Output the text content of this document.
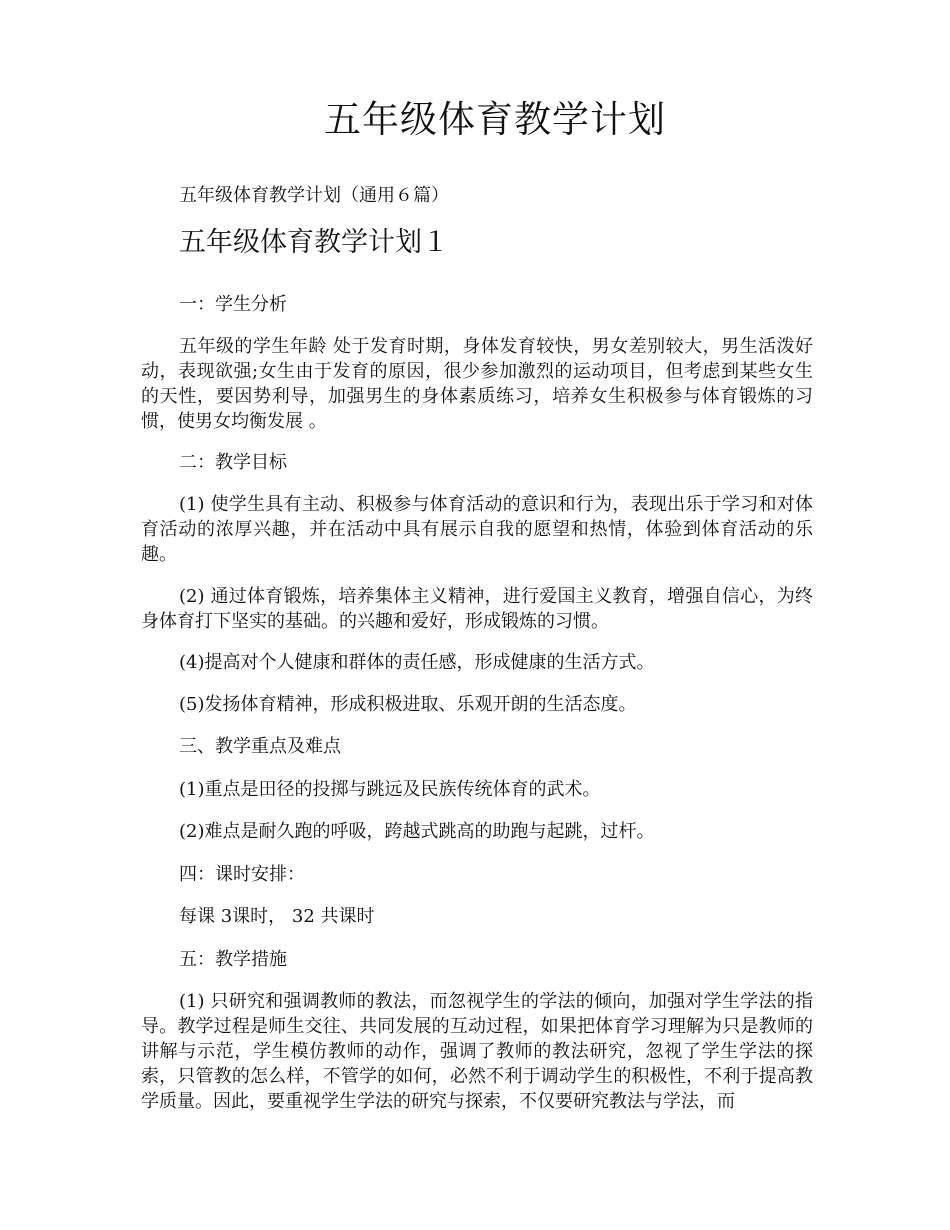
五年级体育教学计划

五年级体育教学计划（通用６篇）

五年级体育教学计划１

一：学生分析

五年级的学生年龄 处于发育时期，身体发育较快，男女差别较大，男生活泼好动，表现欲强;女生由于发育的原因，很少参加激烈的运动项目，但考虑到某些女生的天性，要因势利导，加强男生的身体素质练习，培养女生积极参与体育锻炼的习惯，使男女均衡发展 。

二：教学目标

(1) 使学生具有主动、积极参与体育活动的意识和行为，表现出乐于学习和对体育活动的浓厚兴趣，并在活动中具有展示自我的愿望和热情，体验到体育活动的乐趣。

(2) 通过体育锻炼，培养集体主义精神，进行爱国主义教育，增强自信心，为终身体育打下坚实的基础。的兴趣和爱好，形成锻炼的习惯。

(4)提高对个人健康和群体的责任感，形成健康的生活方式。

(5)发扬体育精神，形成积极进取、乐观开朗的生活态度。

三、教学重点及难点

(1)重点是田径的投掷与跳远及民族传统体育的武术。

(2)难点是耐久跑的呼吸，跨越式跳高的助跑与起跳，过杆。

四：课时安排：

每课 3课时， 32 共课时

五：教学措施

(1) 只研究和强调教师的教法，而忽视学生的学法的倾向，加强对学生学法的指导。教学过程是师生交往、共同发展的互动过程，如果把体育学习理解为只是教师的讲解与示范，学生模仿教师的动作，强调了教师的教法研究，忽视了学生学法的探索，只管教的怎么样，不管学的如何，必然不利于调动学生的积极性，不利于提高教学质量。因此，要重视学生学法的研究与探索，不仅要研究教法与学法，而
